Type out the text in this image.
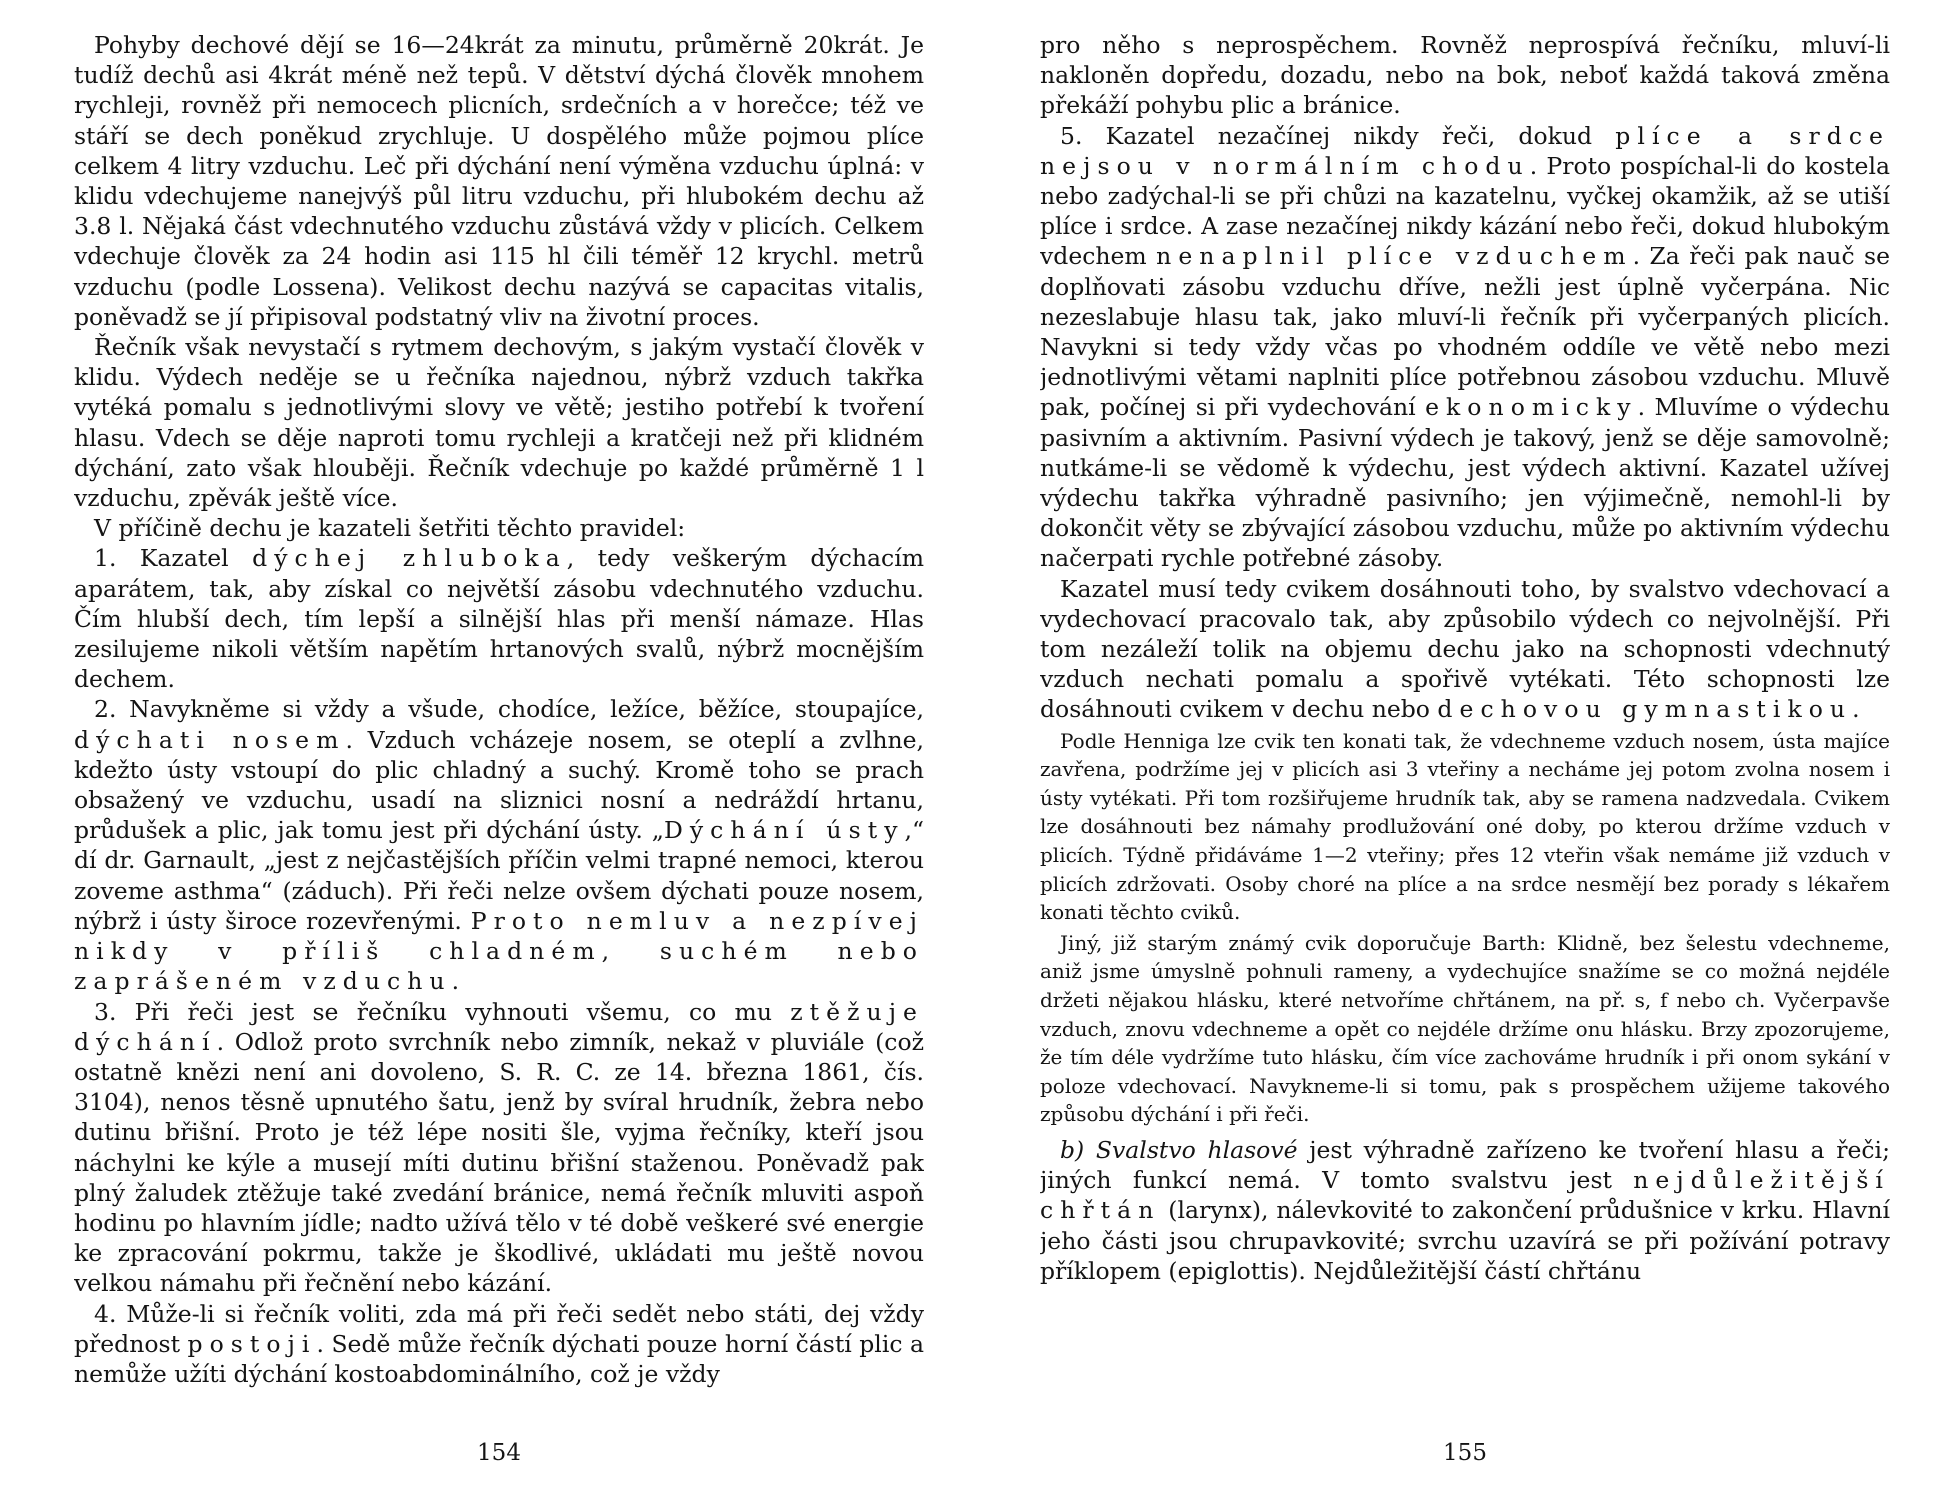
Pohyby dechové dějí se 16—24krát za minutu, průměrně 20krát. Je tudíž dechů asi 4krát méně než tepů. V dětství dýchá člověk mnohem rychleji, rovněž při nemocech plicních, srdečních a v horečce; též ve stáří se dech poněkud zrychluje. U dospělého může pojmou plíce celkem 4 litry vzduchu. Leč při dýchání není výměna vzduchu úplná: v klidu vdechujeme nanejvýš půl litru vzduchu, při hlubokém dechu až 3.8 l. Nějaká část vdechnutého vzduchu zůstává vždy v plicích. Celkem vdechuje člověk za 24 hodin asi 115 hl čili téměř 12 krychl. metrů vzduchu (podle Lossena). Velikost dechu nazývá se capacitas vitalis, poněvadž se jí připisoval podstatný vliv na životní proces.

Řečník však nevystačí s rytmem dechovým, s jakým vystačí člověk v klidu. Výdech neděje se u řečníka najednou, nýbrž vzduch takřka vytéká pomalu s jednotlivými slovy ve větě; jestiho potřebí k tvoření hlasu. Vdech se děje naproti tomu rychleji a kratčeji než při klidném dýchání, zato však hlouběji. Řečník vdechuje po každé průměrně 1 l vzduchu, zpěvák ještě více.

V příčině dechu je kazateli šetřiti těchto pravidel:

1. Kazatel dýchej zhluboka, tedy veškerým dýchacím aparátem, tak, aby získal co největší zásobu vdechnutého vzduchu. Čím hlubší dech, tím lepší a silnější hlas při menší námaze. Hlas zesilujeme nikoli větším napětím hrtanových svalů, nýbrž mocnějším dechem.

2. Navykněme si vždy a všude, chodíce, ležíce, běžíce, stoupajíce, dýchati nosem. Vzduch vcházeje nosem, se oteplí a zvlhne, kdežto ústy vstoupí do plic chladný a suchý. Kromě toho se prach obsažený ve vzduchu, usadí na sliznici nosní a nedráždí hrtanu, průdušek a plic, jak tomu jest při dýchání ústy. „Dýchání ústy,“ dí dr. Garnault, „jest z nejčastějších příčin velmi trapné nemoci, kterou zoveme asthma“ (záduch). Při řeči nelze ovšem dýchati pouze nosem, nýbrž i ústy široce rozevřenými. Proto nemluv a nezpívej nikdy v příliš chladném, suchém nebo zaprášeném vzduchu.

3. Při řeči jest se řečníku vyhnouti všemu, co mu ztěžuje dýchání. Odlož proto svrchník nebo zimník, nekaž v pluviále (což ostatně knězi není ani dovoleno, S. R. C. ze 14. března 1861, čís. 3104), nenos těsně upnutého šatu, jenž by svíral hrudník, žebra nebo dutinu břišní. Proto je též lépe nositi šle, vyjma řečníky, kteří jsou náchylni ke kýle a musejí míti dutinu břišní staženou. Poněvadž pak plný žaludek ztěžuje také zvedání bránice, nemá řečník mluviti aspoň hodinu po hlavním jídle; nadto užívá tělo v té době veškeré své energie ke zpracování pokrmu, takže je škodlivé, ukládati mu ještě novou velkou námahu při řečnění nebo kázání.

4. Může-li si řečník voliti, zda má při řeči sedět nebo státi, dej vždy přednost postoji. Sedě může řečník dýchati pouze horní částí plic a nemůže užíti dýchání kostoabdominálního, což je vždy

154

pro něho s neprospěchem. Rovněž neprospívá řečníku, mluví-li nakloněn dopředu, dozadu, nebo na bok, neboť každá taková změna překáží pohybu plic a bránice.

5. Kazatel nezačínej nikdy řeči, dokud plíce a srdce nejsou v normálním chodu. Proto pospíchal-li do kostela nebo zadýchal-li se při chůzi na kazatelnu, vyčkej okamžik, až se utiší plíce i srdce. A zase nezačínej nikdy kázání nebo řeči, dokud hlubokým vdechem nenaplnil plíce vzduchem. Za řeči pak nauč se doplňovati zásobu vzduchu dříve, nežli jest úplně vyčerpána. Nic nezeslabuje hlasu tak, jako mluví-li řečník při vyčerpaných plicích. Navykni si tedy vždy včas po vhodném oddíle ve větě nebo mezi jednotlivými větami naplniti plíce potřebnou zásobou vzduchu. Mluvě pak, počínej si při vydechování ekonomicky. Mluvíme o výdechu pasivním a aktivním. Pasivní výdech je takový, jenž se děje samovolně; nutkáme-li se vědomě k výdechu, jest výdech aktivní. Kazatel užívej výdechu takřka výhradně pasivního; jen výjimečně, nemohl-li by dokončit věty se zbývající zásobou vzduchu, může po aktivním výdechu načerpati rychle potřebné zásoby.

Kazatel musí tedy cvikem dosáhnouti toho, by svalstvo vdechovací a vydechovací pracovalo tak, aby způsobilo výdech co nejvolnější. Při tom nezáleží tolik na objemu dechu jako na schopnosti vdechnutý vzduch nechati pomalu a spořivě vytékati. Této schopnosti lze dosáhnouti cvikem v dechu nebo dechovou gymnastikou.

Podle Henniga lze cvik ten konati tak, že vdechneme vzduch nosem, ústa majíce zavřena, podržíme jej v plicích asi 3 vteřiny a necháme jej potom zvolna nosem i ústy vytékati. Při tom rozšiřujeme hrudník tak, aby se ramena nadzvedala. Cvikem lze dosáhnouti bez námahy prodlužování oné doby, po kterou držíme vzduch v plicích. Týdně přidáváme 1—2 vteřiny; přes 12 vteřin však nemáme již vzduch v plicích zdržovati. Osoby choré na plíce a na srdce nesmějí bez porady s lékařem konati těchto cviků.

Jiný, již starým známý cvik doporučuje Barth: Klidně, bez šelestu vdechneme, aniž jsme úmyslně pohnuli rameny, a vydechujíce snažíme se co možná nejdéle držeti nějakou hlásku, které netvoříme chřtánem, na př. s, f nebo ch. Vyčerpavše vzduch, znovu vdechneme a opět co nejdéle držíme onu hlásku. Brzy zpozorujeme, že tím déle vydržíme tuto hlásku, čím více zachováme hrudník i při onom sykání v poloze vdechovací. Navykneme-li si tomu, pak s prospěchem užijeme takového způsobu dýchání i při řeči.

b) Svalstvo hlasové jest výhradně zařízeno ke tvoření hlasu a řeči; jiných funkcí nemá. V tomto svalstvu jest nejdůležitější chřtán (larynx), nálevkovité to zakončení průdušnice v krku. Hlavní jeho části jsou chrupavkovité; svrchu uzavírá se při požívání potravy příklopem (epiglottis). Nejdůležitější částí chřtánu

155
